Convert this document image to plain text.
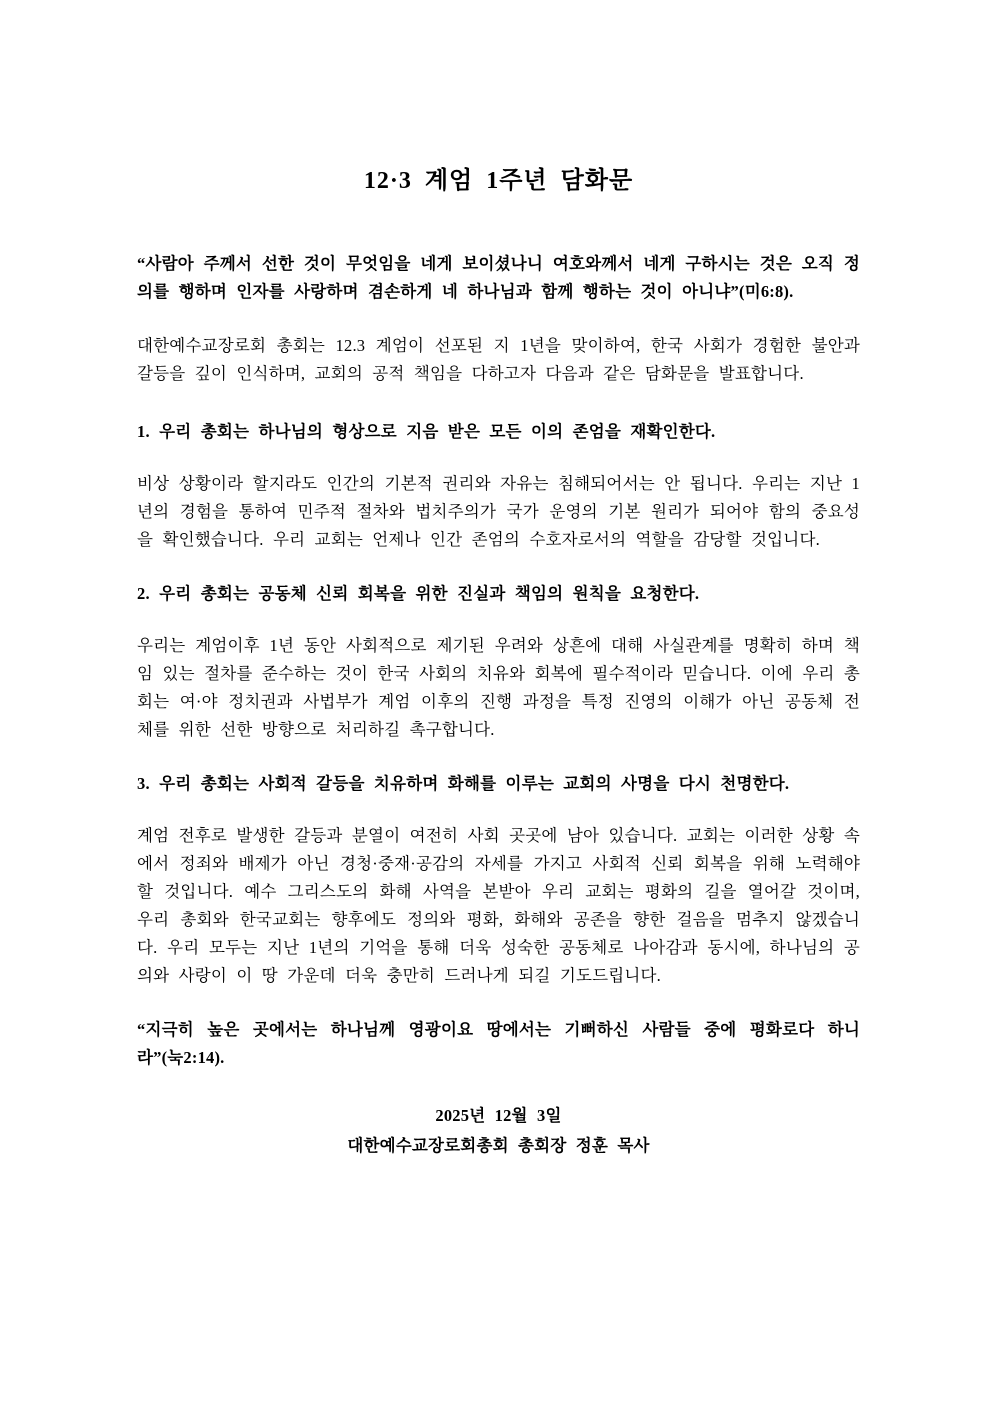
12·3 계엄 1주년 담화문

“사람아 주께서 선한 것이 무엇임을 네게 보이셨나니 여호와께서 네게 구하시는 것은 오직 정의를 행하며 인자를 사랑하며 겸손하게 네 하나님과 함께 행하는 것이 아니냐”(미6:8).

대한예수교장로회 총회는 12.3 계엄이 선포된 지 1년을 맞이하여, 한국 사회가 경험한 불안과 갈등을 깊이 인식하며, 교회의 공적 책임을 다하고자 다음과 같은 담화문을 발표합니다.

1. 우리 총회는 하나님의 형상으로 지음 받은 모든 이의 존엄을 재확인한다.

비상 상황이라 할지라도 인간의 기본적 권리와 자유는 침해되어서는 안 됩니다. 우리는 지난 1년의 경험을 통하여 민주적 절차와 법치주의가 국가 운영의 기본 원리가 되어야 함의 중요성을 확인했습니다. 우리 교회는 언제나 인간 존엄의 수호자로서의 역할을 감당할 것입니다.

2. 우리 총회는 공동체 신뢰 회복을 위한 진실과 책임의 원칙을 요청한다.

우리는 계엄이후 1년 동안 사회적으로 제기된 우려와 상흔에 대해 사실관계를 명확히 하며 책임 있는 절차를 준수하는 것이 한국 사회의 치유와 회복에 필수적이라 믿습니다. 이에 우리 총회는 여·야 정치권과 사법부가 계엄 이후의 진행 과정을 특정 진영의 이해가 아닌 공동체 전체를 위한 선한 방향으로 처리하길 촉구합니다.

3. 우리 총회는 사회적 갈등을 치유하며 화해를 이루는 교회의 사명을 다시 천명한다.

계엄 전후로 발생한 갈등과 분열이 여전히 사회 곳곳에 남아 있습니다. 교회는 이러한 상황 속에서 정죄와 배제가 아닌 경청·중재·공감의 자세를 가지고 사회적 신뢰 회복을 위해 노력해야 할 것입니다. 예수 그리스도의 화해 사역을 본받아 우리 교회는 평화의 길을 열어갈 것이며, 우리 총회와 한국교회는 향후에도 정의와 평화, 화해와 공존을 향한 걸음을 멈추지 않겠습니다. 우리 모두는 지난 1년의 기억을 통해 더욱 성숙한 공동체로 나아감과 동시에, 하나님의 공의와 사랑이 이 땅 가운데 더욱 충만히 드러나게 되길 기도드립니다.

“지극히 높은 곳에서는 하나님께 영광이요 땅에서는 기뻐하신 사람들 중에 평화로다 하니라”(눅2:14).

2025년 12월 3일

대한예수교장로회총회 총회장 정훈 목사
